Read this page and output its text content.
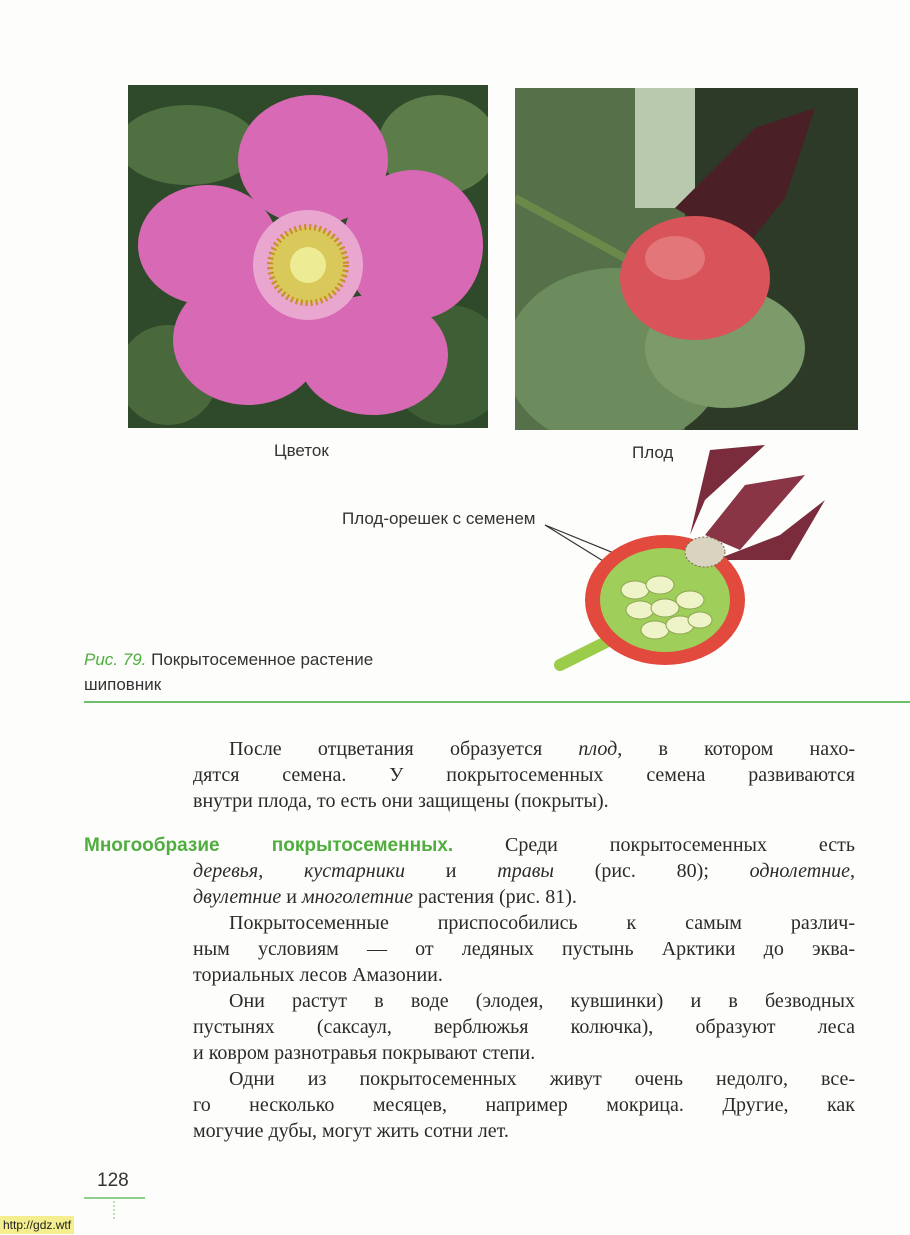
Цветок	Плод
Плод-орешек с семенем
Рис. 79. Покрытосеменное растение
шиповник
После отцветания образуется плод, в котором нахо-
дятся семена. У покрытосеменных семена развиваются
внутри плода, то есть они защищены (покрыты).
Многообразие покрытосеменных. Среди покрытосеменных есть
деревья, кустарники и травы (рис. 80); однолетние,
двулетние и многолетние растения (рис. 81).
Покрытосеменные приспособились к самым различ-
ным условиям — от ледяных пустынь Арктики до эква-
ториальных лесов Амазонии.
Они растут в воде (элодея, кувшинки) и в безводных
пустынях (саксаул, верблюжья колючка), образуют леса
и ковром разнотравья покрывают степи.
Одни из покрытосеменных живут очень недолго, все-
го несколько месяцев, например мокрица. Другие, как
могучие дубы, могут жить сотни лет.
128
http://gdz.wtf
